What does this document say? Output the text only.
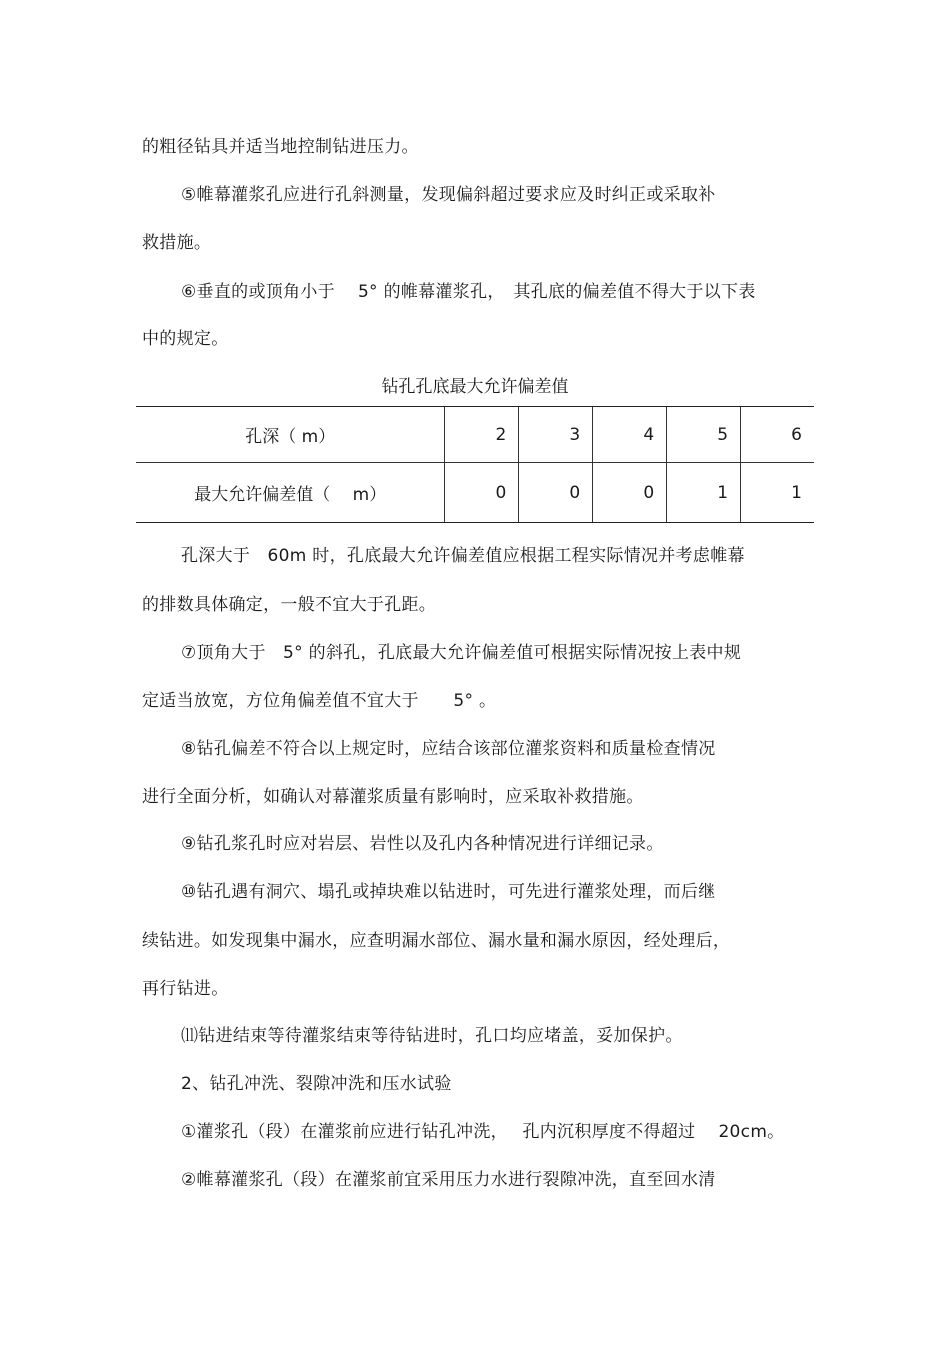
的粗径钻具并适当地控制钻进压力。
⑤帷幕灌浆孔应进行孔斜测量，发现偏斜超过要求应及时纠正或采取补
救措施。
⑥垂直的或顶角小于　 5° 的帷幕灌浆孔，　其孔底的偏差值不得大于以下表
中的规定。
钻孔孔底最大允许偏差值
孔深（ m）	2	3	4	5	6
最大允许偏差值（　 m）	0	0	0	1	1
孔深大于　60m 时，孔底最大允许偏差值应根据工程实际情况并考虑帷幕
的排数具体确定，一般不宜大于孔距。
⑦顶角大于　5° 的斜孔，孔底最大允许偏差值可根据实际情况按上表中规
定适当放宽，方位角偏差值不宜大于　　5° 。
⑧钻孔偏差不符合以上规定时，应结合该部位灌浆资料和质量检查情况
进行全面分析，如确认对幕灌浆质量有影响时，应采取补救措施。
⑨钻孔浆孔时应对岩层、岩性以及孔内各种情况进行详细记录。
⑩钻孔遇有洞穴、塌孔或掉块难以钻进时，可先进行灌浆处理，而后继
续钻进。如发现集中漏水，应查明漏水部位、漏水量和漏水原因，经处理后，
再行钻进。
⑾钻进结束等待灌浆结束等待钻进时，孔口均应堵盖，妥加保护。
2、钻孔冲洗、裂隙冲洗和压水试验
①灌浆孔（段）在灌浆前应进行钻孔冲洗，　 孔内沉积厚度不得超过　 20cm。
②帷幕灌浆孔（段）在灌浆前宜采用压力水进行裂隙冲洗，直至回水清
